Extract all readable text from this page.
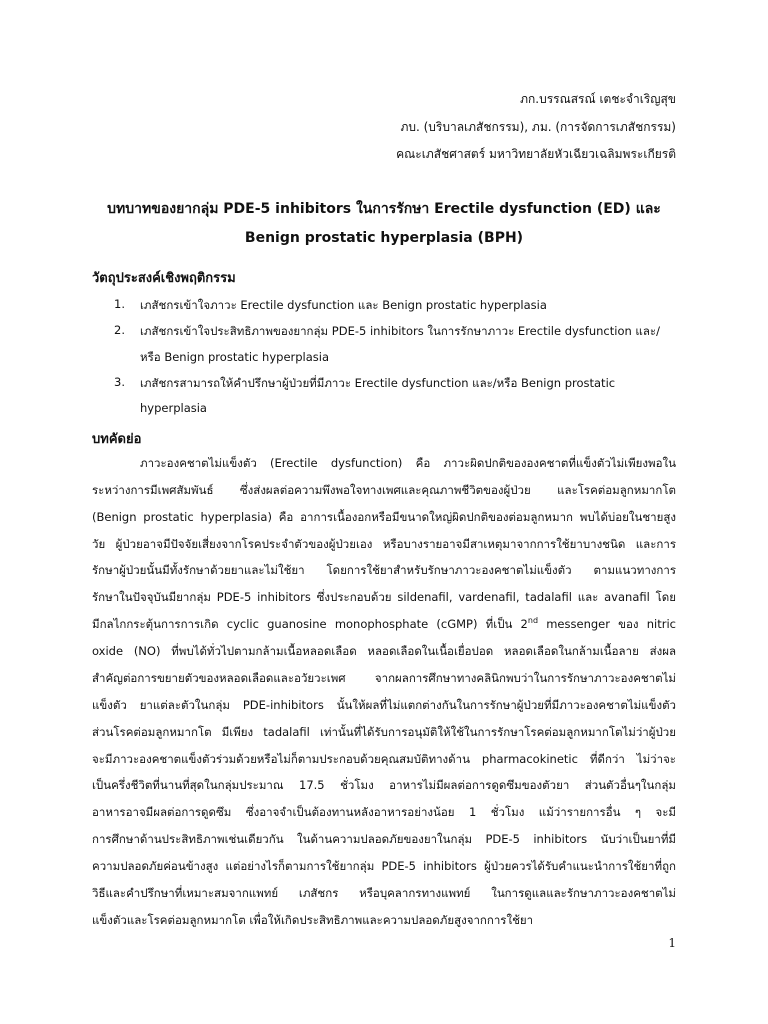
ภก.บรรณสรณ์ เตชะจำเริญสุข
ภบ. (บริบาลเภสัชกรรม), ภม. (การจัดการเภสัชกรรม)
คณะเภสัชศาสตร์ มหาวิทยาลัยหัวเฉียวเฉลิมพระเกียรติ
บทบาทของยากลุ่ม PDE-5 inhibitors ในการรักษา Erectile dysfunction (ED) และ
Benign prostatic hyperplasia (BPH)
วัตถุประสงค์เชิงพฤติกรรม
1. เภสัชกรเข้าใจภาวะ Erectile dysfunction และ Benign prostatic hyperplasia
2. เภสัชกรเข้าใจประสิทธิภาพของยากลุ่ม PDE-5 inhibitors ในการรักษาภาวะ Erectile dysfunction และ/
หรือ Benign prostatic hyperplasia
3. เภสัชกรสามารถให้คำปรึกษาผู้ป่วยที่มีภาวะ Erectile dysfunction และ/หรือ Benign prostatic
hyperplasia
บทคัดย่อ
ภาวะองคชาตไม่แข็งตัว (Erectile dysfunction) คือ ภาวะผิดปกติขององคชาตที่แข็งตัวไม่เพียงพอใน
ระหว่างการมีเพศสัมพันธ์ ซึ่งส่งผลต่อความพึงพอใจทางเพศและคุณภาพชีวิตของผู้ป่วย และโรคต่อมลูกหมากโต
(Benign prostatic hyperplasia) คือ อาการเนื้องอกหรือมีขนาดใหญ่ผิดปกติของต่อมลูกหมาก พบได้บ่อยในชายสูง
วัย ผู้ป่วยอาจมีปัจจัยเสี่ยงจากโรคประจำตัวของผู้ป่วยเอง หรือบางรายอาจมีสาเหตุมาจากการใช้ยาบางชนิด และการ
รักษาผู้ป่วยนั้นมีทั้งรักษาด้วยยาและไม่ใช้ยา โดยการใช้ยาสำหรับรักษาภาวะองคชาตไม่แข็งตัว ตามแนวทางการ
รักษาในปัจจุบันมียากลุ่ม PDE-5 inhibitors ซึ่งประกอบด้วย sildenafil, vardenafil, tadalafil และ avanafil โดย
มีกลไกกระตุ้นการการเกิด cyclic guanosine monophosphate (cGMP) ที่เป็น 2nd messenger ของ nitric
oxide (NO) ที่พบได้ทั่วไปตามกล้ามเนื้อหลอดเลือด หลอดเลือดในเนื้อเยื่อปอด หลอดเลือดในกล้ามเนื้อลาย ส่งผล
สำคัญต่อการขยายตัวของหลอดเลือดและอวัยวะเพศ จากผลการศึกษาทางคลินิกพบว่าในการรักษาภาวะองคชาตไม่
แข็งตัว ยาแต่ละตัวในกลุ่ม PDE-inhibitors นั้นให้ผลที่ไม่แตกต่างกันในการรักษาผู้ป่วยที่มีภาวะองคชาตไม่แข็งตัว
ส่วนโรคต่อมลูกหมากโต มีเพียง tadalafil เท่านั้นที่ได้รับการอนุมัติให้ใช้ในการรักษาโรคต่อมลูกหมากโตไม่ว่าผู้ป่วย
จะมีภาวะองคชาตแข็งตัวร่วมด้วยหรือไม่ก็ตามประกอบด้วยคุณสมบัติทางด้าน pharmacokinetic ที่ดีกว่า ไม่ว่าจะ
เป็นครึ่งชีวิตที่นานที่สุดในกลุ่มประมาณ 17.5 ชั่วโมง อาหารไม่มีผลต่อการดูดซึมของตัวยา ส่วนตัวอื่นๆในกลุ่ม
อาหารอาจมีผลต่อการดูดซึม ซึ่งอาจจำเป็นต้องทานหลังอาหารอย่างน้อย 1 ชั่วโมง แม้ว่ารายการอื่น ๆ จะมี
การศึกษาด้านประสิทธิภาพเช่นเดียวกัน ในด้านความปลอดภัยของยาในกลุ่ม PDE-5 inhibitors นับว่าเป็นยาที่มี
ความปลอดภัยค่อนข้างสูง แต่อย่างไรก็ตามการใช้ยากลุ่ม PDE-5 inhibitors ผู้ป่วยควรได้รับคำแนะนำการใช้ยาที่ถูก
วิธีและคำปรึกษาที่เหมาะสมจากแพทย์ เภสัชกร หรือบุคลากรทางแพทย์ ในการดูแลและรักษาภาวะองคชาตไม่
แข็งตัวและโรคต่อมลูกหมากโต เพื่อให้เกิดประสิทธิภาพและความปลอดภัยสูงจากการใช้ยา
1
